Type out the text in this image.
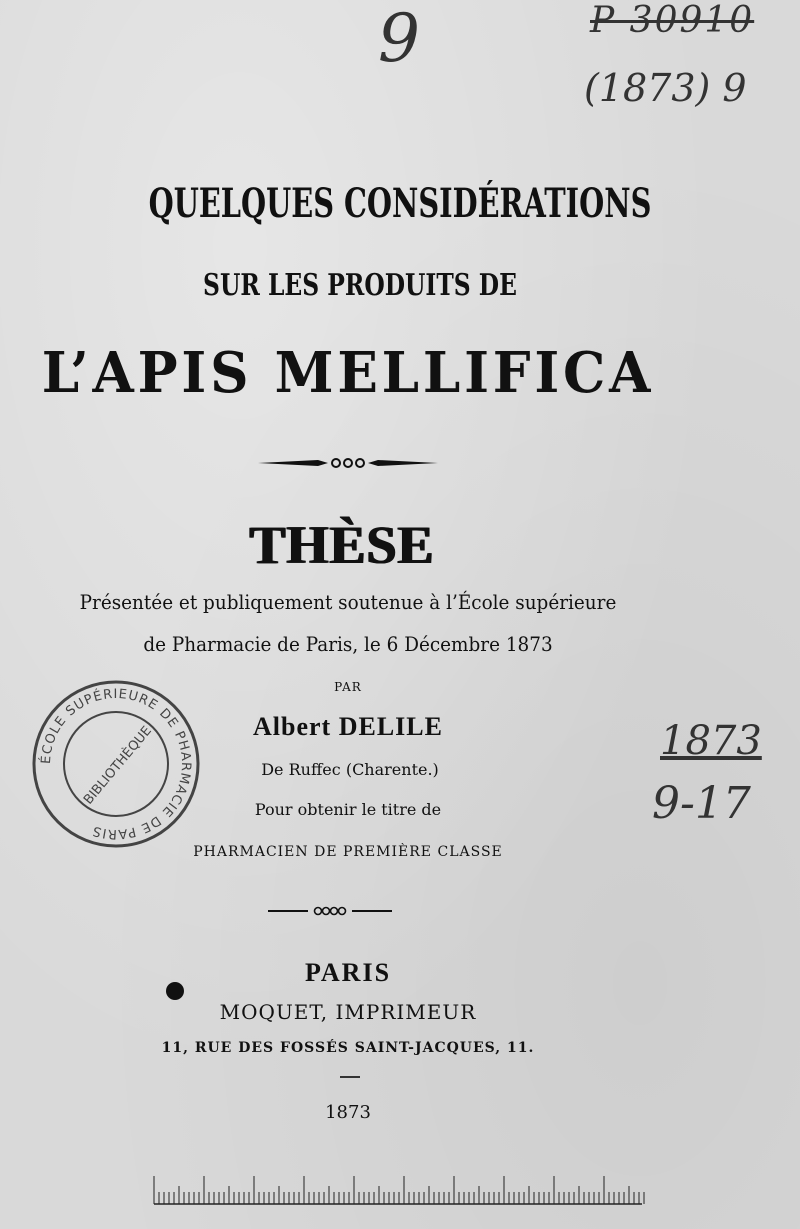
9	P 30910
(1873) 9
1873
9-17
QUELQUES CONSIDÉRATIONS
SUR LES PRODUITS DE
L’APIS MELLIFICA
THÈSE
Présentée et publiquement soutenue à l’École supérieure
de Pharmacie de Paris, le 6 Décembre 1873
PAR
Albert DELILE
De Ruffec (Charente.)
Pour obtenir le titre de
PHARMACIEN DE PREMIÈRE CLASSE
ÉCOLE SUPÉRIEURE DE PHARMACIE DE PARIS
BIBLIOTHÈQUE
PARIS
MOQUET, IMPRIMEUR
11, RUE DES FOSSÉS SAINT-JACQUES, 11.
1873
